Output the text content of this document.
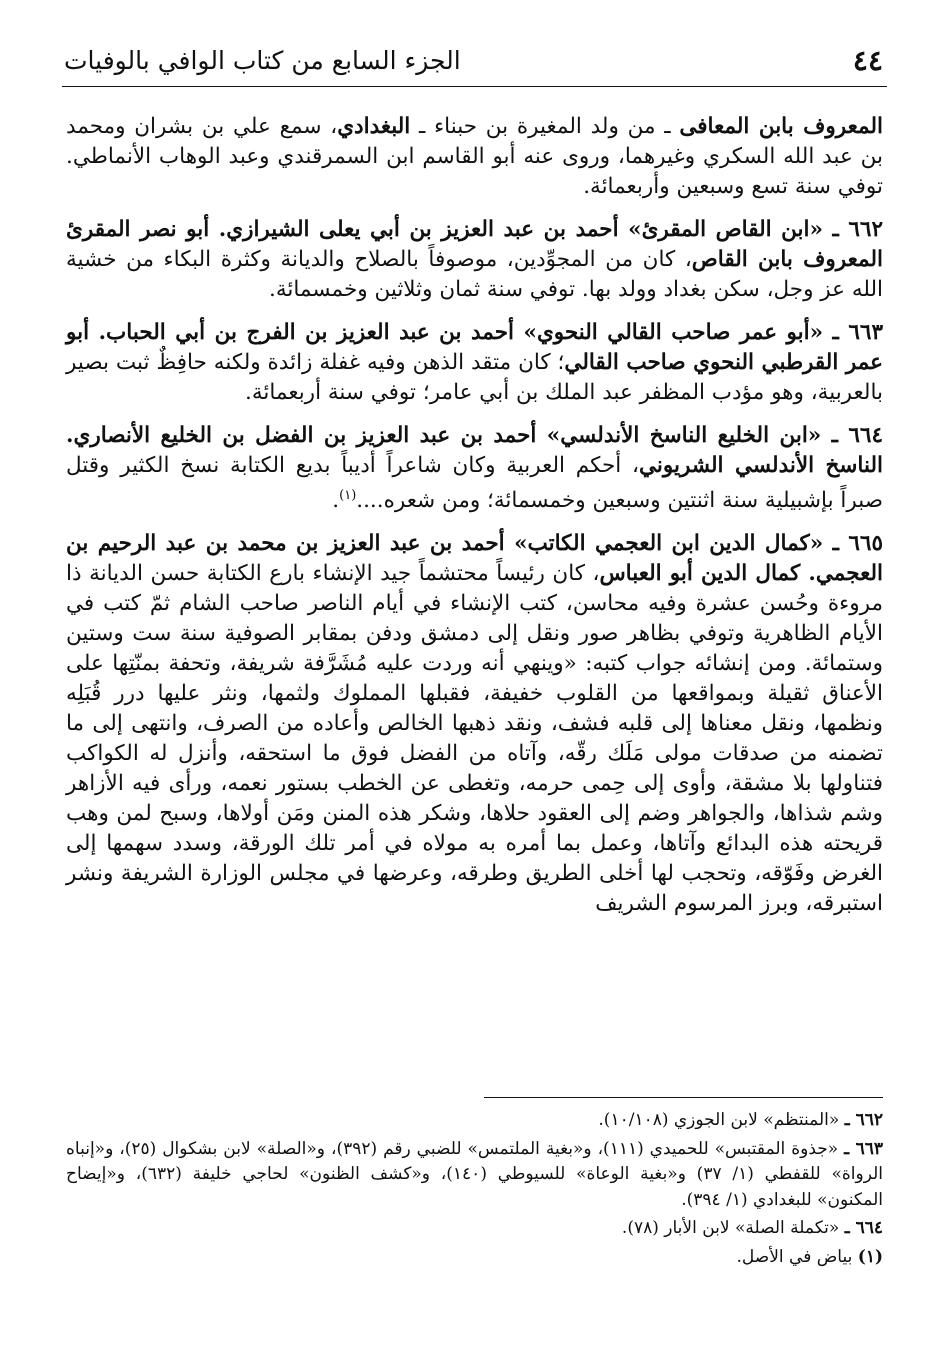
٤٤
الجزء السابع من كتاب الوافي بالوفيات

المعروف بابن المعافى ـ من ولد المغيرة بن حبناء ـ البغدادي، سمع علي بن بشران ومحمد بن عبد الله السكري وغيرهما، وروى عنه أبو القاسم ابن السمرقندي وعبد الوهاب الأنماطي. توفي سنة تسع وسبعين وأربعمائة.

٦٦٢ ـ «ابن القاص المقرئ» أحمد بن عبد العزيز بن أبي يعلى الشيرازي. أبو نصر المقرئ المعروف بابن القاص، كان من المجوِّدين، موصوفاً بالصلاح والديانة وكثرة البكاء من خشية الله عز وجل، سكن بغداد وولد بها. توفي سنة ثمان وثلاثين وخمسمائة.

٦٦٣ ـ «أبو عمر صاحب القالي النحوي» أحمد بن عبد العزيز بن الفرج بن أبي الحباب. أبو عمر القرطبي النحوي صاحب القالي؛ كان متقد الذهن وفيه غفلة زائدة ولكنه حافِظٌ ثبت بصير بالعربية، وهو مؤدب المظفر عبد الملك بن أبي عامر؛ توفي سنة أربعمائة.

٦٦٤ ـ «ابن الخليع الناسخ الأندلسي» أحمد بن عبد العزيز بن الفضل بن الخليع الأنصاري. الناسخ الأندلسي الشريوني، أحكم العربية وكان شاعراً أديباً بديع الكتابة نسخ الكثير وقتل صبراً بإشبيلية سنة اثنتين وسبعين وخمسمائة؛ ومن شعره....$^{(١)}$.

٦٦٥ ـ «كمال الدين ابن العجمي الكاتب» أحمد بن عبد العزيز بن محمد بن عبد الرحيم بن العجمي. كمال الدين أبو العباس، كان رئيساً محتشماً جيد الإنشاء بارع الكتابة حسن الديانة ذا مروءة وحُسن عشرة وفيه محاسن، كتب الإنشاء في أيام الناصر صاحب الشام ثمّ كتب في الأيام الظاهرية وتوفي بظاهر صور ونقل إلى دمشق ودفن بمقابر الصوفية سنة ست وستين وستمائة. ومن إنشائه جواب كتبه: «وينهي أنه وردت عليه مُشَرَّفة شريفة، وتحفة بمنّتِها على الأعناق ثقيلة وبمواقعها من القلوب خفيفة، فقبلها المملوك ولثمها، ونثر عليها درر قُبَلِه ونظمها، ونقل معناها إلى قلبه فشف، ونقد ذهبها الخالص وأعاده من الصرف، وانتهى إلى ما تضمنه من صدقات مولى مَلَك رقّه، وآتاه من الفضل فوق ما استحقه، وأنزل له الكواكب فتناولها بلا مشقة، وأوى إلى حِمى حرمه، وتغطى عن الخطب بستور نعمه، ورأى فيه الأزاهر وشم شذاها، والجواهر وضم إلى العقود حلاها، وشكر هذه المنن ومَن أولاها، وسبح لمن وهب قريحته هذه البدائع وآتاها، وعمل بما أمره به مولاه في أمر تلك الورقة، وسدد سهمها إلى الغرض وفَوّقه، وتحجب لها أخلى الطريق وطرقه، وعرضها في مجلس الوزارة الشريفة ونشر استبرقه، وبرز المرسوم الشريف

٦٦٢ ـ «المنتظم» لابن الجوزي (١٠/١٠٨).

٦٦٣ ـ «جذوة المقتبس» للحميدي (١١١)، و«بغية الملتمس» للضبي رقم (٣٩٢)، و«الصلة» لابن بشكوال (٢٥)، و«إنباه الرواة» للقفطي (١/ ٣٧) و«بغية الوعاة» للسيوطي (١٤٠)، و«كشف الظنون» لحاجي خليفة (٦٣٢)، و«إيضاح المكنون» للبغدادي (١/ ٣٩٤).

٦٦٤ ـ «تكملة الصلة» لابن الأبار (٧٨).

(١) بياض في الأصل.
